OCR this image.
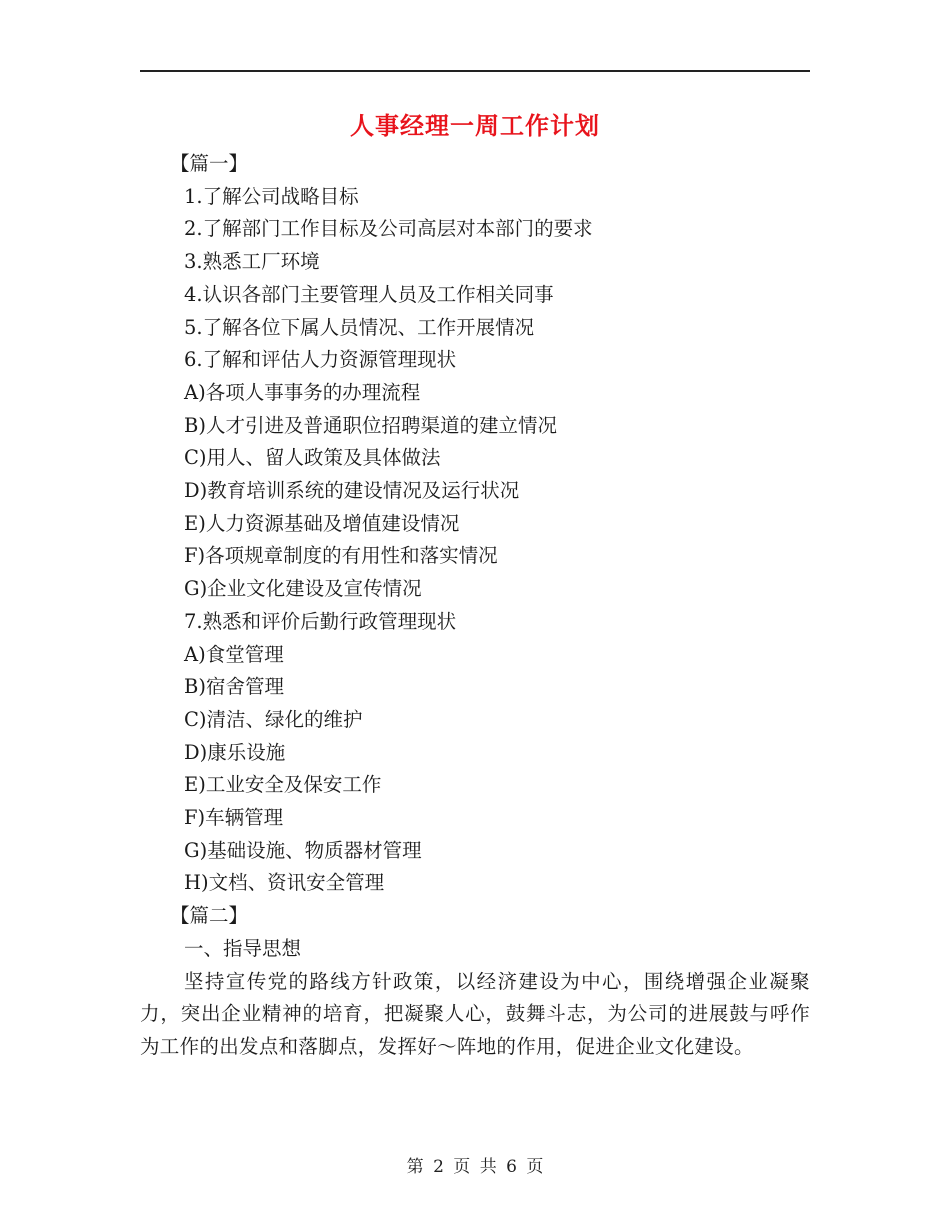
人事经理一周工作计划
【篇一】
1.了解公司战略目标
2.了解部门工作目标及公司高层对本部门的要求
3.熟悉工厂环境
4.认识各部门主要管理人员及工作相关同事
5.了解各位下属人员情况、工作开展情况
6.了解和评估人力资源管理现状
A)各项人事事务的办理流程
B)人才引进及普通职位招聘渠道的建立情况
C)用人、留人政策及具体做法
D)教育培训系统的建设情况及运行状况
E)人力资源基础及增值建设情况
F)各项规章制度的有用性和落实情况
G)企业文化建设及宣传情况
7.熟悉和评价后勤行政管理现状
A)食堂管理
B)宿舍管理
C)清洁、绿化的维护
D)康乐设施
E)工业安全及保安工作
F)车辆管理
G)基础设施、物质器材管理
H)文档、资讯安全管理
【篇二】
一、指导思想
坚持宣传党的路线方针政策，以经济建设为中心，围绕增强企业凝聚力，突出企业精神的培育，把凝聚人心，鼓舞斗志，为公司的进展鼓与呼作为工作的出发点和落脚点，发挥好～阵地的作用，促进企业文化建设。
第 2 页 共 6 页
